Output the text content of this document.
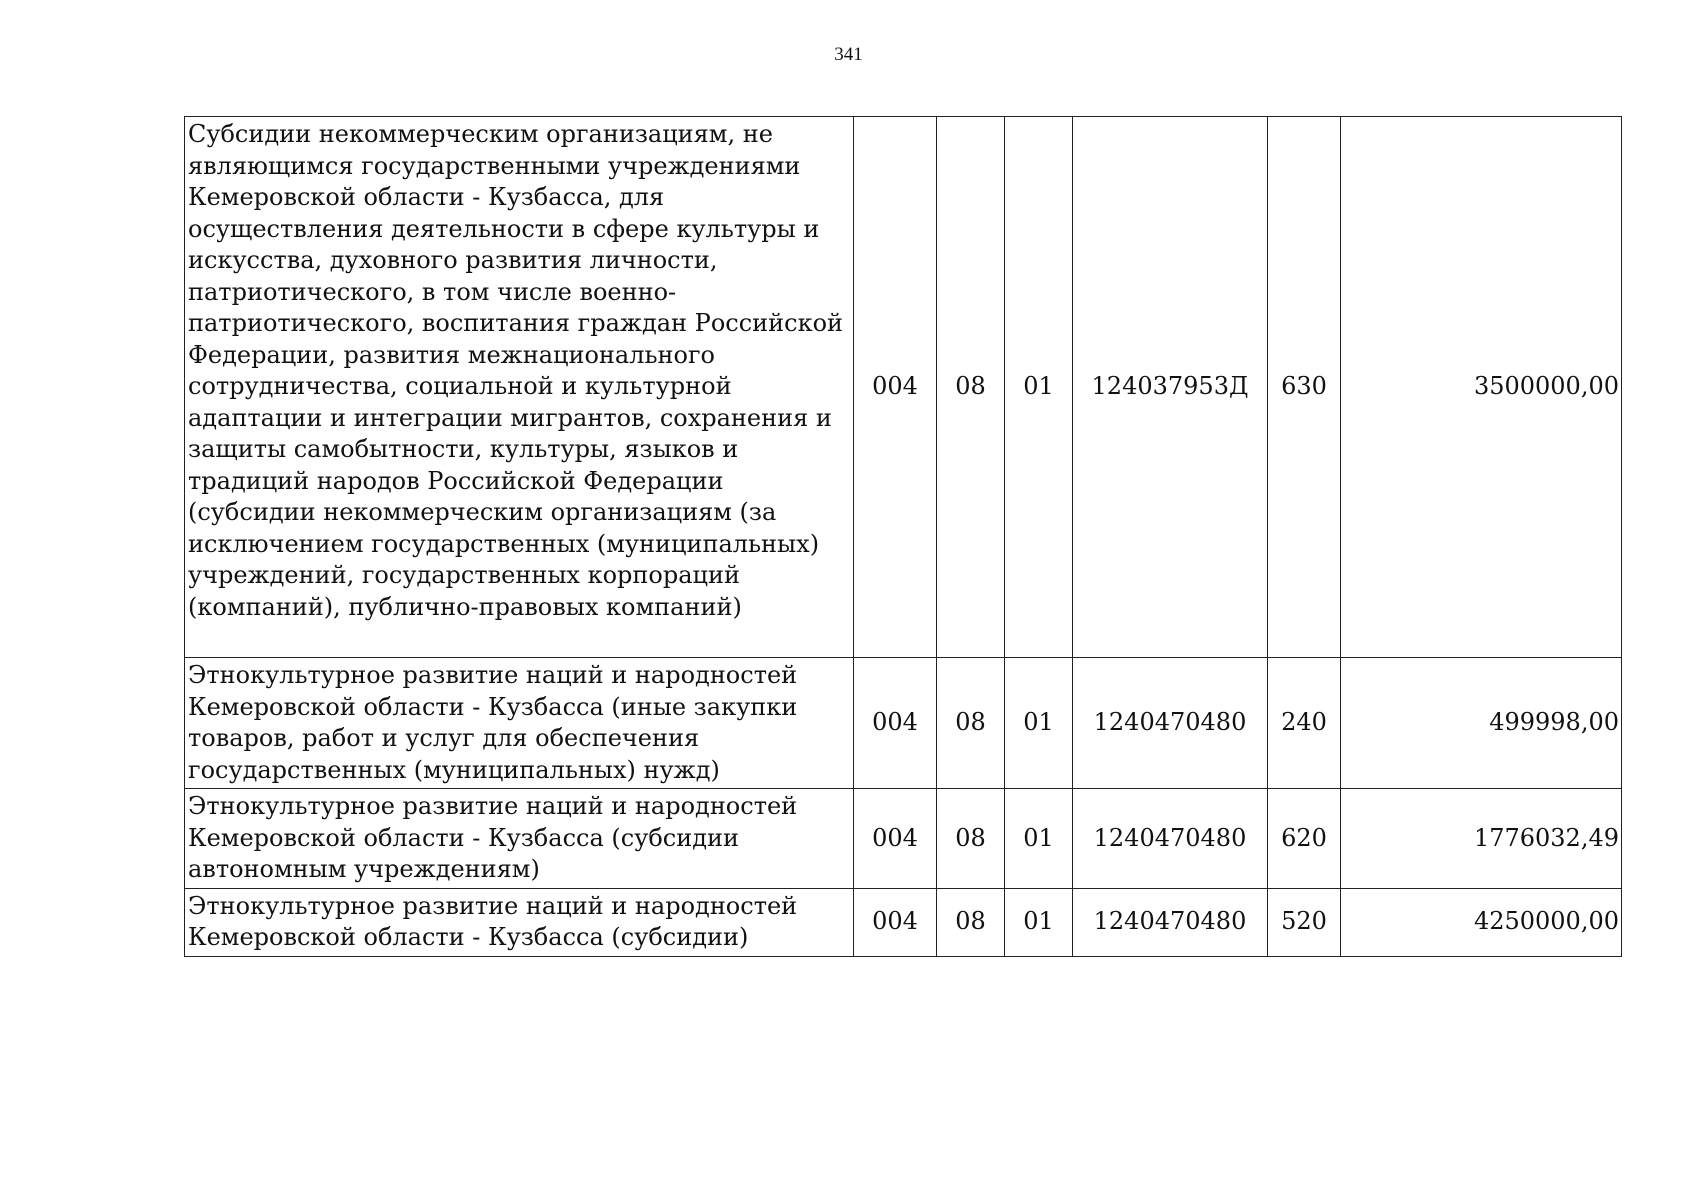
341
Субсидии некоммерческим организациям, не являющимся государственными учреждениями Кемеровской области - Кузбасса, для осуществления деятельности в сфере культуры и искусства, духовного развития личности, патриотического, в том числе военно-патриотического, воспитания граждан Российской Федерации, развития межнационального сотрудничества, социальной и культурной адаптации и интеграции мигрантов, сохранения и защиты самобытности, культуры, языков и традиций народов Российской Федерации (субсидии некоммерческим организациям (за исключением государственных (муниципальных) учреждений, государственных корпораций (компаний), публично-правовых компаний)	004	08	01	124037953Д	630	3500000,00
Этнокультурное развитие наций и народностей Кемеровской области - Кузбасса (иные закупки товаров, работ и услуг для обеспечения государственных (муниципальных) нужд)	004	08	01	1240470480	240	499998,00
Этнокультурное развитие наций и народностей Кемеровской области - Кузбасса (субсидии автономным учреждениям)	004	08	01	1240470480	620	1776032,49
Этнокультурное развитие наций и народностей Кемеровской области - Кузбасса (субсидии)	004	08	01	1240470480	520	4250000,00
